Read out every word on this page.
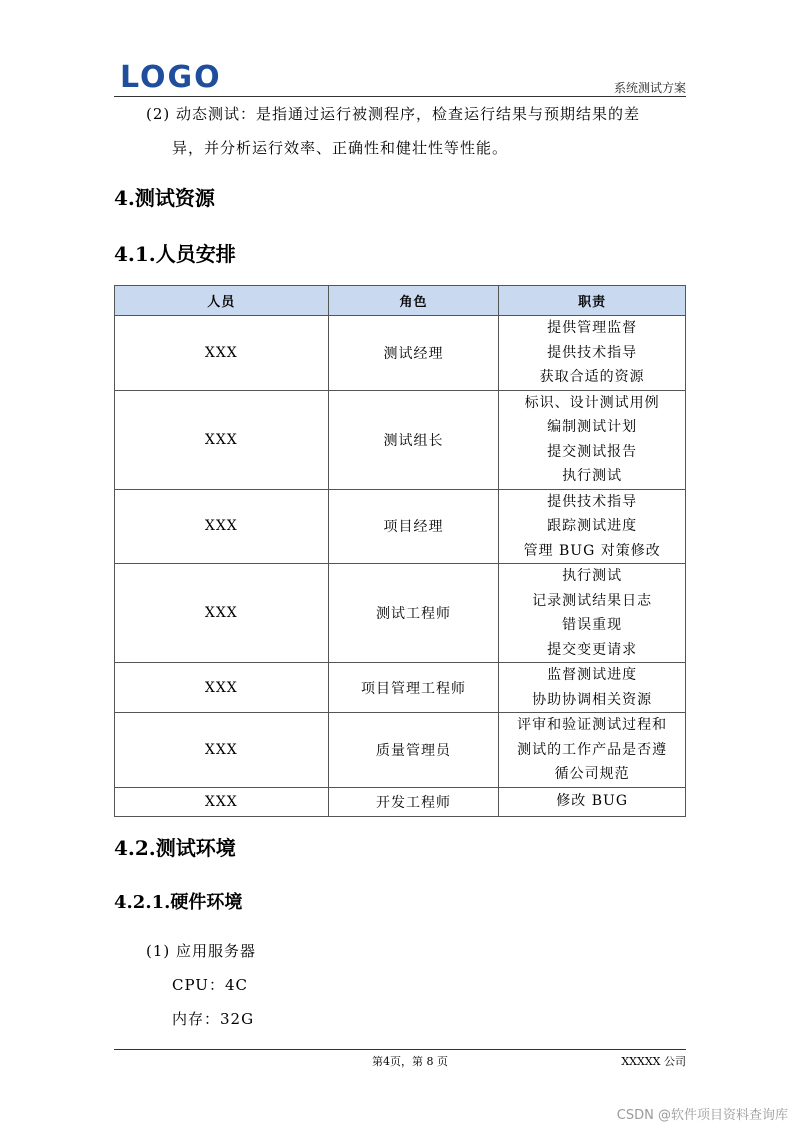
LOGO	系统测试方案
(2) 动态测试：是指通过运行被测程序，检查运行结果与预期结果的差
异，并分析运行效率、正确性和健壮性等性能。
4.测试资源
4.1.人员安排
人员	角色	职责
XXX	测试经理	提供管理监督
提供技术指导
获取合适的资源

XXX	测试组长	标识、设计测试用例
编制测试计划
提交测试报告
执行测试

XXX	项目经理	提供技术指导
跟踪测试进度
管理 BUG 对策修改

XXX	测试工程师	执行测试
记录测试结果日志
错误重现
提交变更请求

XXX	项目管理工程师	监督测试进度
协助协调相关资源

XXX	质量管理员	评审和验证测试过程和
测试的工作产品是否遵
循公司规范

XXX	开发工程师	修改 BUG
4.2.测试环境
4.2.1.硬件环境
(1) 应用服务器
CPU：4C
内存：32G
第4页，第 8 页	XXXXX 公司
CSDN @软件项目资料查询库
